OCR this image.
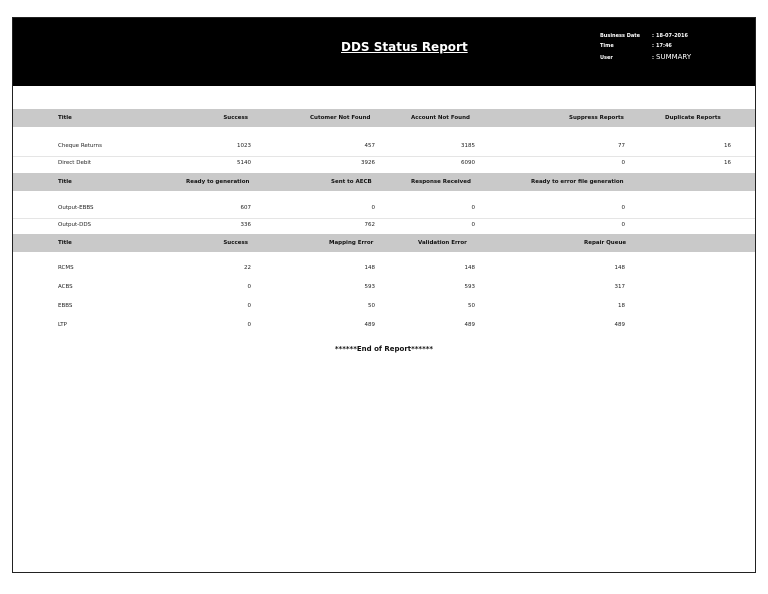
DDS Status Report
Business Date : 18-07-2016
Time	: 17:46
User	: SUMMARY
Title	Success	Cutomer Not Found	Account Not Found	Suppress Reports	Duplicate Reports
Cheque Returns	1023	457	3185	77	16
Direct Debit	5140	3926	6090	0	16
Title	Ready to generation	Sent to AECB	Response Received	Ready to error file generation
Output-EBBS	607	0	0	0
Output-DDS	336	762	0	0
Title	Success	Mapping Error	Validation Error	Repair Queue
RCMS	22	148	148	148
ACBS	0	593	593	317
EBBS	0	50	50	18
LTP	0	489	489	489
******End of Report******
